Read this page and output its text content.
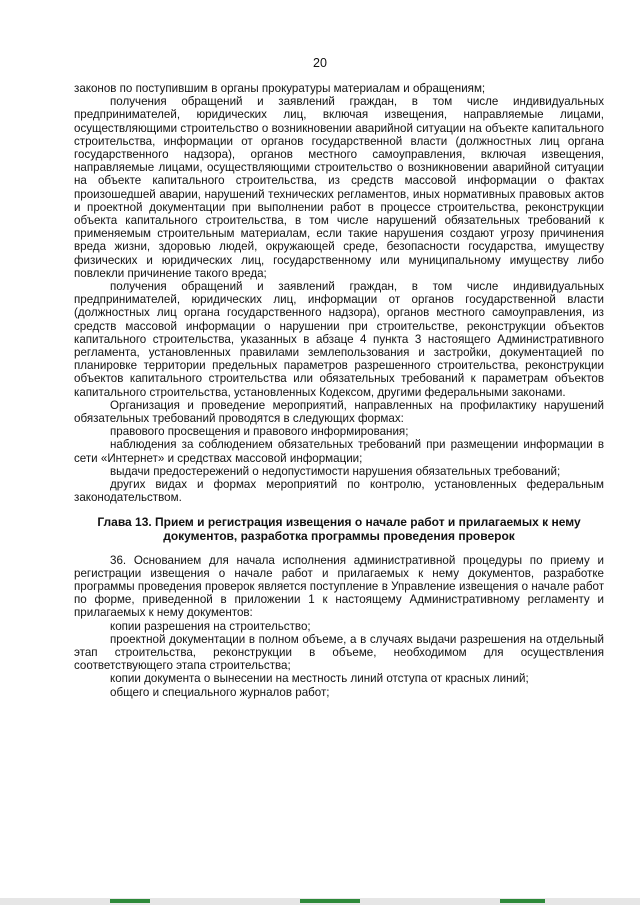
20

законов по поступившим в органы прокуратуры материалам и обращениям;

получения обращений и заявлений граждан, в том числе индивидуальных предпринимателей, юридических лиц, включая извещения, направляемые лицами, осуществляющими строительство о возникновении аварийной ситуации на объекте капитального строительства, информации от органов государственной власти (должностных лиц органа государственного надзора), органов местного самоуправления, включая извещения, направляемые лицами, осуществляющими строительство о возникновении аварийной ситуации на объекте капитального строительства, из средств массовой информации о фактах произошедшей аварии, нарушений технических регламентов, иных нормативных правовых актов и проектной документации при выполнении работ в процессе строительства, реконструкции объекта капитального строительства, в том числе нарушений обязательных требований к применяемым строительным материалам, если такие нарушения создают угрозу причинения вреда жизни, здоровью людей, окружающей среде, безопасности государства, имуществу физических и юридических лиц, государственному или муниципальному имуществу либо повлекли причинение такого вреда;

получения обращений и заявлений граждан, в том числе индивидуальных предпринимателей, юридических лиц, информации от органов государственной власти (должностных лиц органа государственного надзора), органов местного самоуправления, из средств массовой информации о нарушении при строительстве, реконструкции объектов капитального строительства, указанных в абзаце 4 пункта 3 настоящего Административного регламента, установленных правилами землепользования и застройки, документацией по планировке территории предельных параметров разрешенного строительства, реконструкции объектов капитального строительства или обязательных требований к параметрам объектов капитального строительства, установленных Кодексом, другими федеральными законами.

Организация и проведение мероприятий, направленных на профилактику нарушений обязательных требований проводятся в следующих формах:

правового просвещения и правового информирования;

наблюдения за соблюдением обязательных требований при размещении информации в сети «Интернет» и средствах массовой информации;

выдачи предостережений о недопустимости нарушения обязательных требований;

других видах и формах мероприятий по контролю, установленных федеральным законодательством.

Глава 13. Прием и регистрация извещения о начале работ и прилагаемых к нему документов, разработка программы проведения проверок

36. Основанием для начала исполнения административной процедуры по приему и регистрации извещения о начале работ и прилагаемых к нему документов, разработке программы проведения проверок является поступление в Управление извещения о начале работ по форме, приведенной в приложении 1 к настоящему Административному регламенту и прилагаемых к нему документов:

копии разрешения на строительство;

проектной документации в полном объеме, а в случаях выдачи разрешения на отдельный этап строительства, реконструкции в объеме, необходимом для осуществления соответствующего этапа строительства;

копии документа о вынесении на местность линий отступа от красных линий;

общего и специального журналов работ;
